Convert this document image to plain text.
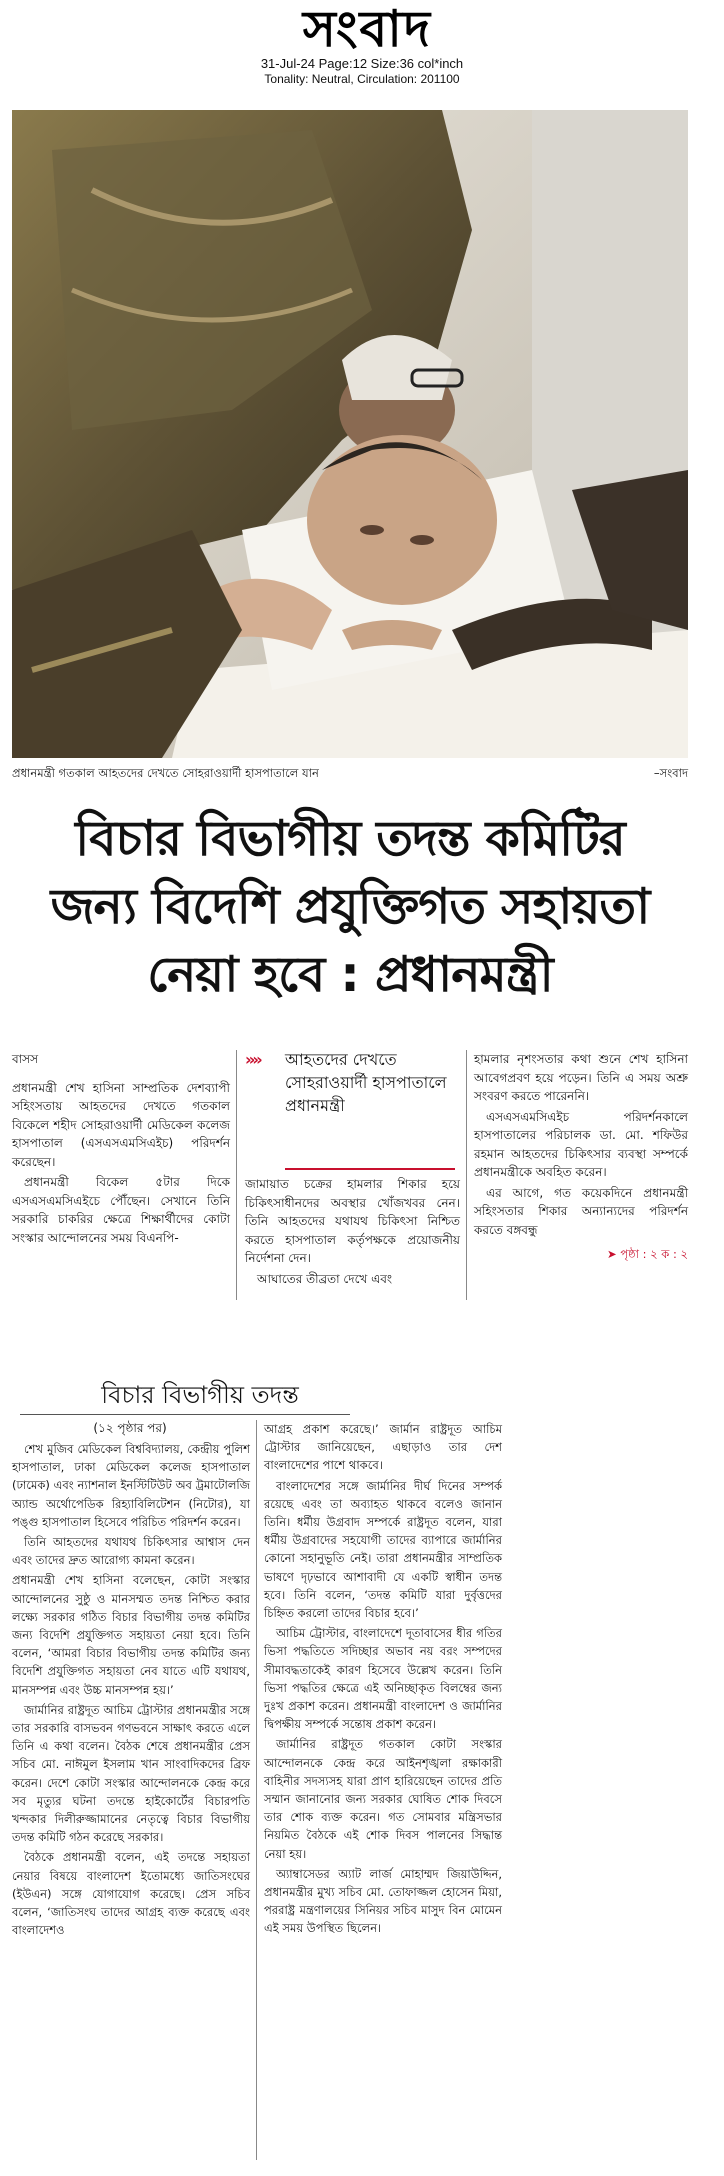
সংবাদ
31-Jul-24 Page:12 Size:36 col*inch
Tonality: Neutral, Circulation: 201100
প্রধানমন্ত্রী গতকাল আহতদের দেখতে সোহরাওয়ার্দী হাসপাতালে যান	–সংবাদ
বিচার বিভাগীয় তদন্ত কমিটির
জন্য বিদেশি প্রযুক্তিগত সহায়তা
নেয়া হবে : প্রধানমন্ত্রী
বাসস

প্রধানমন্ত্রী শেখ হাসিনা সাম্প্রতিক দেশব্যাপী সহিংসতায় আহতদের দেখতে গতকাল বিকেলে শহীদ সোহরাওয়ার্দী মেডিকেল কলেজ হাসপাতাল (এসএসএমসিএইচ) পরিদর্শন করেছেন।

প্রধানমন্ত্রী বিকেল ৫টার দিকে এসএসএমসিএইচে পৌঁছেন। সেখানে তিনি সরকারি চাকরির ক্ষেত্রে শিক্ষার্থীদের কোটা সংস্কার আন্দোলনের সময় বিএনপি-

»» আহতদের দেখতে সোহরাওয়ার্দী হাসপাতালে প্রধানমন্ত্রী

জামায়াত চক্রের হামলার শিকার হয়ে চিকিৎসাধীনদের অবস্থার খোঁজখবর নেন। তিনি আহতদের যথাযথ চিকিৎসা নিশ্চিত করতে হাসপাতাল কর্তৃপক্ষকে প্রয়োজনীয় নির্দেশনা দেন।

আঘাতের তীব্রতা দেখে এবং

হামলার নৃশংসতার কথা শুনে শেখ হাসিনা আবেগপ্রবণ হয়ে পড়েন। তিনি এ সময় অশ্রু সংবরণ করতে পারেননি।

এসএসএমসিএইচ পরিদর্শনকালে হাসপাতালের পরিচালক ডা. মো. শফিউর রহমান আহতদের চিকিৎসার ব্যবস্থা সম্পর্কে প্রধানমন্ত্রীকে অবহিত করেন।

এর আগে, গত কয়েকদিনে প্রধানমন্ত্রী সহিংসতার শিকার অন্যান্যদের পরিদর্শন করতে বঙ্গবন্ধু

➤ পৃষ্ঠা : ২ ক : ২
বিচার বিভাগীয় তদন্ত
(১২ পৃষ্ঠার পর)

শেখ মুজিব মেডিকেল বিশ্ববিদ্যালয়, কেন্দ্রীয় পুলিশ হাসপাতাল, ঢাকা মেডিকেল কলেজ হাসপাতাল (ঢামেক) এবং ন্যাশনাল ইনস্টিটিউট অব ট্রমাটোলজি অ্যান্ড অর্থোপেডিক রিহ্যাবিলিটেশন (নিটোর), যা পঙ্গু হাসপাতাল হিসেবে পরিচিত পরিদর্শন করেন।

তিনি আহতদের যথাযথ চিকিৎসার আশ্বাস দেন এবং তাদের দ্রুত আরোগ্য কামনা করেন।

প্রধানমন্ত্রী শেখ হাসিনা বলেছেন, কোটা সংস্কার আন্দোলনের সুষ্ঠু ও মানসম্মত তদন্ত নিশ্চিত করার লক্ষ্যে সরকার গঠিত বিচার বিভাগীয় তদন্ত কমিটির জন্য বিদেশি প্রযুক্তিগত সহায়তা নেয়া হবে। তিনি বলেন, ‘আমরা বিচার বিভাগীয় তদন্ত কমিটির জন্য বিদেশি প্রযুক্তিগত সহায়তা নেব যাতে এটি যথাযথ, মানসম্পন্ন এবং উচ্চ মানসম্পন্ন হয়।’

জার্মানির রাষ্ট্রদূত আচিম ট্রোস্টার প্রধানমন্ত্রীর সঙ্গে তার সরকারি বাসভবন গণভবনে সাক্ষাৎ করতে এলে তিনি এ কথা বলেন। বৈঠক শেষে প্রধানমন্ত্রীর প্রেস সচিব মো. নাঈমুল ইসলাম খান সাংবাদিকদের ব্রিফ করেন। দেশে কোটা সংস্কার আন্দোলনকে কেন্দ্র করে সব মৃত্যুর ঘটনা তদন্তে হাইকোর্টের বিচারপতি খন্দকার দিলীরুজ্জামানের নেতৃত্বে বিচার বিভাগীয় তদন্ত কমিটি গঠন করেছে সরকার।

বৈঠকে প্রধানমন্ত্রী বলেন, এই তদন্তে সহায়তা নেয়ার বিষয়ে বাংলাদেশ ইতোমধ্যে জাতিসংঘের (ইউএন) সঙ্গে যোগাযোগ করেছে। প্রেস সচিব বলেন, ‘জাতিসংঘ তাদের আগ্রহ ব্যক্ত করেছে এবং বাংলাদেশও

আগ্রহ প্রকাশ করেছে।’ জার্মান রাষ্ট্রদূত আচিম ট্রোস্টার জানিয়েছেন, এছাড়াও তার দেশ বাংলাদেশের পাশে থাকবে।

বাংলাদেশের সঙ্গে জার্মানির দীর্ঘ দিনের সম্পর্ক রয়েছে এবং তা অব্যাহত থাকবে বলেও জানান তিনি। ধর্মীয় উগ্রবাদ সম্পর্কে রাষ্ট্রদূত বলেন, যারা ধর্মীয় উগ্রবাদের সহযোগী তাদের ব্যাপারে জার্মানির কোনো সহানুভূতি নেই। তারা প্রধানমন্ত্রীর সাম্প্রতিক ভাষণে দৃঢ়ভাবে আশাবাদী যে একটি স্বাধীন তদন্ত হবে। তিনি বলেন, ‘তদন্ত কমিটি যারা দুর্বৃত্তদের চিহ্নিত করলো তাদের বিচার হবে।’

আচিম ট্রোস্টার, বাংলাদেশে দূতাবাসের ধীর গতির ভিসা পদ্ধতিতে সদিচ্ছার অভাব নয় বরং সম্পদের সীমাবদ্ধতাকেই কারণ হিসেবে উল্লেখ করেন। তিনি ভিসা পদ্ধতির ক্ষেত্রে এই অনিচ্ছাকৃত বিলম্বের জন্য দুঃখ প্রকাশ করেন। প্রধানমন্ত্রী বাংলাদেশ ও জার্মানির দ্বিপক্ষীয় সম্পর্কে সন্তোষ প্রকাশ করেন।

জার্মানির রাষ্ট্রদূত গতকাল কোটা সংস্কার আন্দোলনকে কেন্দ্র করে আইনশৃঙ্খলা রক্ষাকারী বাহিনীর সদস্যসহ যারা প্রাণ হারিয়েছেন তাদের প্রতি সম্মান জানানোর জন্য সরকার ঘোষিত শোক দিবসে তার শোক ব্যক্ত করেন। গত সোমবার মন্ত্রিসভার নিয়মিত বৈঠকে এই শোক দিবস পালনের সিদ্ধান্ত নেয়া হয়।

অ্যাম্বাসেডর অ্যাট লার্জ মোহাম্মদ জিয়াউদ্দিন, প্রধানমন্ত্রীর মুখ্য সচিব মো. তোফাজ্জল হোসেন মিয়া, পররাষ্ট্র মন্ত্রণালয়ের সিনিয়র সচিব মাসুদ বিন মোমেন এই সময় উপস্থিত ছিলেন।
